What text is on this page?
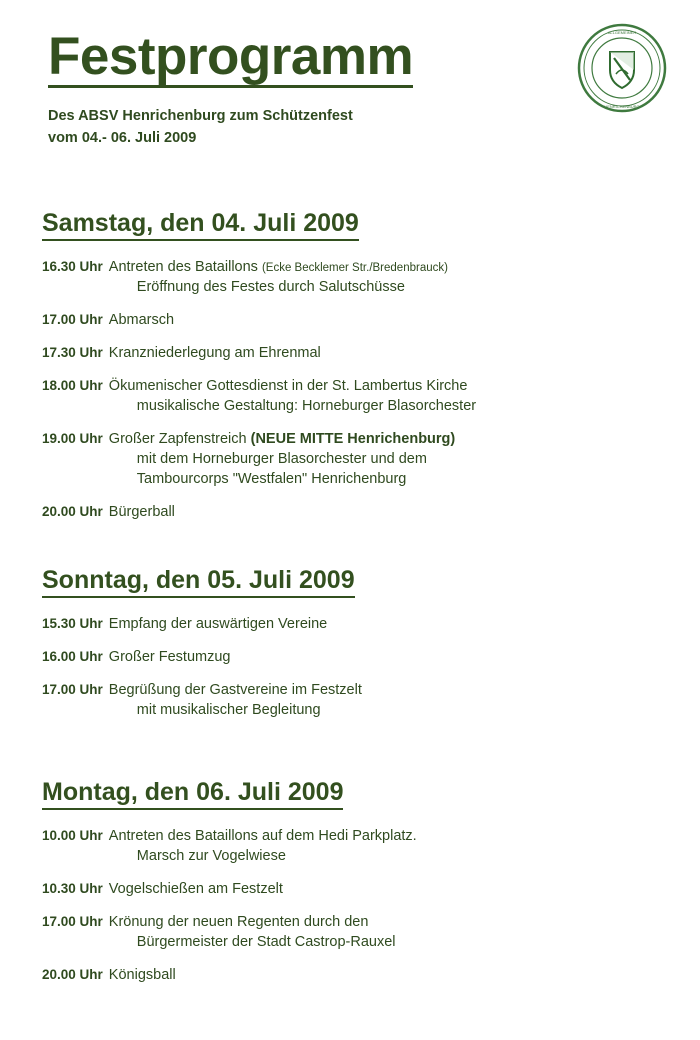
Festprogramm
Des ABSV Henrichenburg zum Schützenfest
vom 04.- 06. Juli 2009
ALLGEMEINER
HENRICHENBURG
Samstag, den 04. Juli 2009
16.30 Uhr Antreten des Bataillons (Ecke Becklemer Str./Bredenbrauck)
Eröffnung des Festes durch Salutschüsse
17.00 Uhr Abmarsch
17.30 Uhr Kranzniederlegung am Ehrenmal
18.00 Uhr Ökumenischer Gottesdienst in der St. Lambertus Kirche
musikalische Gestaltung: Horneburger Blasorchester
19.00 Uhr Großer Zapfenstreich (NEUE MITTE Henrichenburg)
mit dem Horneburger Blasorchester und dem
Tambourcorps "Westfalen" Henrichenburg
20.00 Uhr Bürgerball
Sonntag, den 05. Juli 2009
15.30 Uhr Empfang der auswärtigen Vereine
16.00 Uhr Großer Festumzug
17.00 Uhr Begrüßung der Gastvereine im Festzelt
mit musikalischer Begleitung
Montag, den 06. Juli 2009
10.00 Uhr Antreten des Bataillons auf dem Hedi Parkplatz.
Marsch zur Vogelwiese
10.30 Uhr Vogelschießen am Festzelt
17.00 Uhr Krönung der neuen Regenten durch den
Bürgermeister der Stadt Castrop-Rauxel
20.00 Uhr Königsball
